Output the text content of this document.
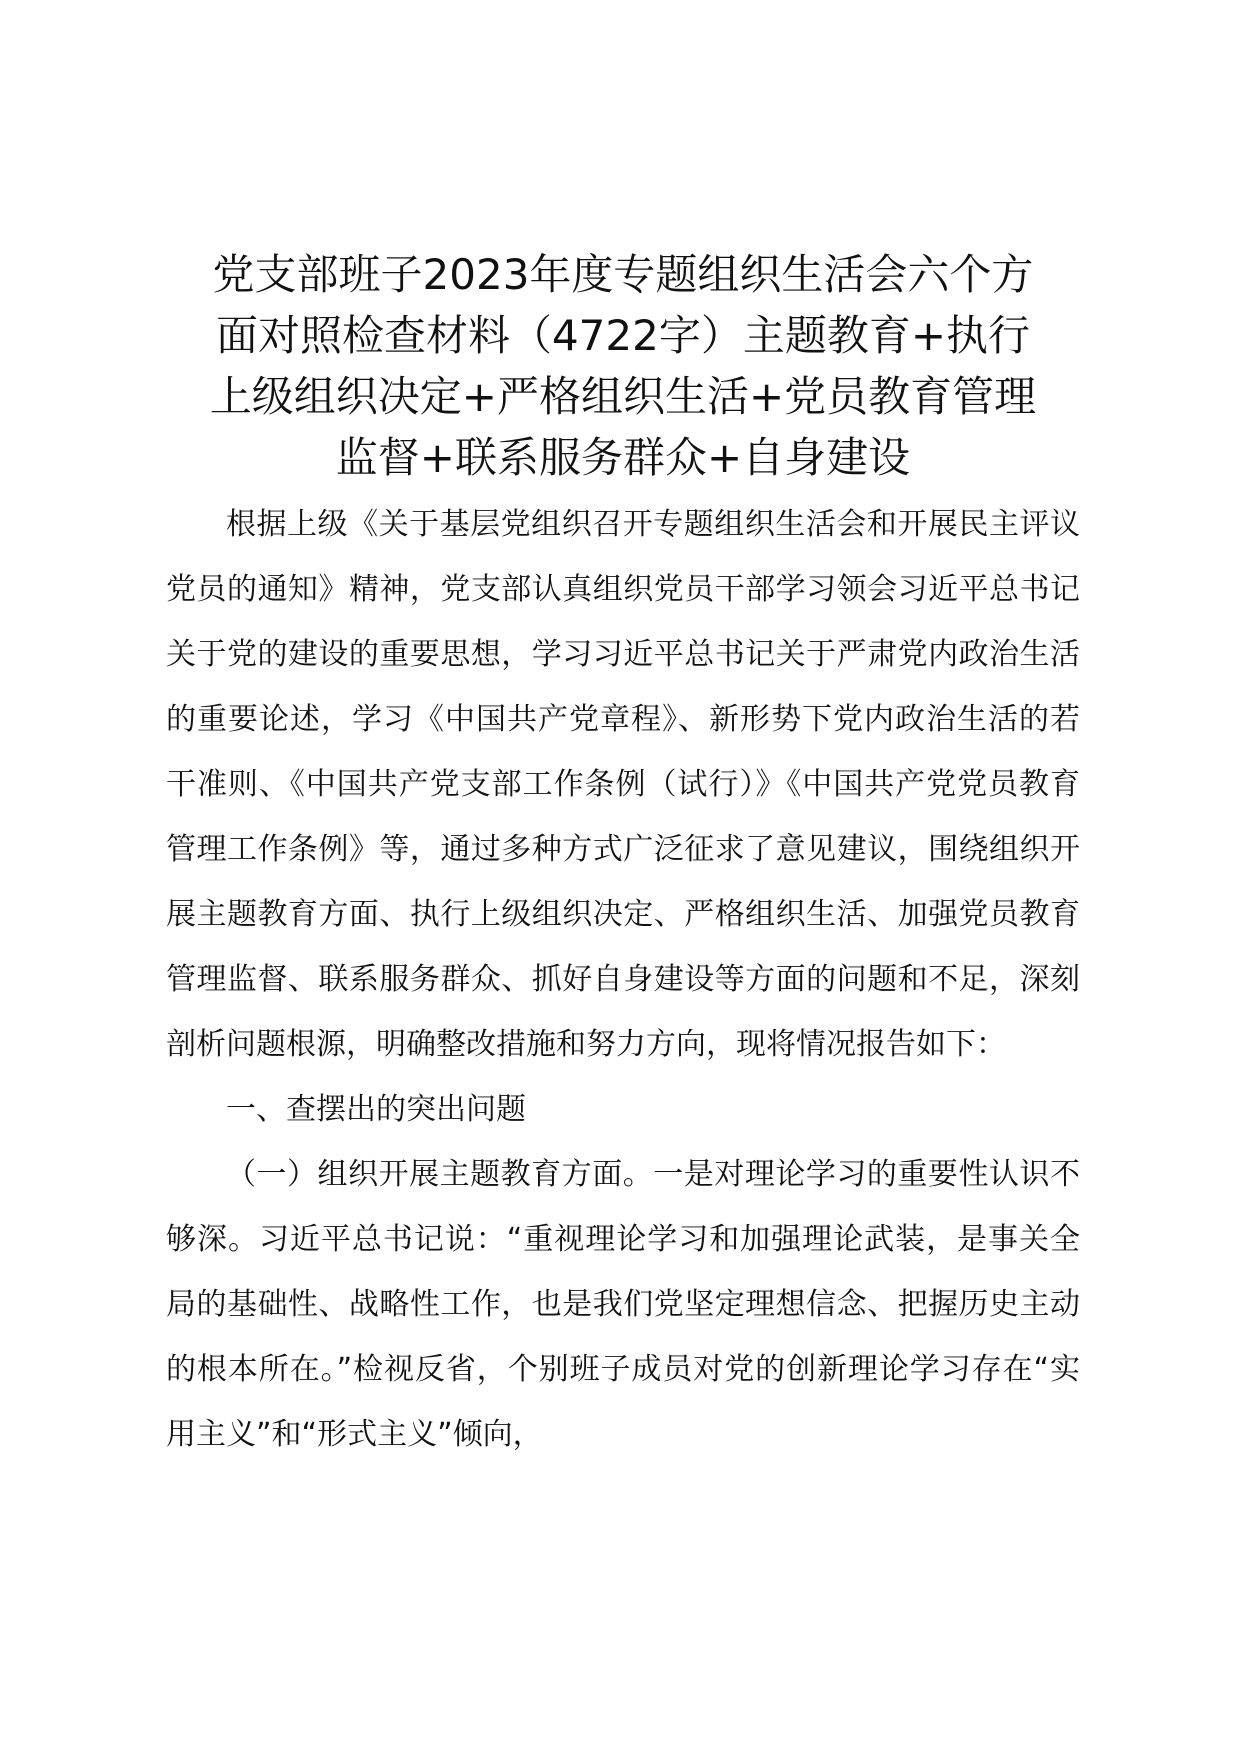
党支部班子2023年度专题组织生活会六个方
面对照检查材料（4722字）主题教育+执行
上级组织决定+严格组织生活+党员教育管理
监督+联系服务群众+自身建设

根据上级《关于基层党组织召开专题组织生活会和开展民主评议党员的通知》精神，党支部认真组织党员干部学习领会习近平总书记关于党的建设的重要思想，学习习近平总书记关于严肃党内政治生活的重要论述，学习《中国共产党章程》、新形势下党内政治生活的若干准则、《中国共产党支部工作条例（试行）》《中国共产党党员教育管理工作条例》等，通过多种方式广泛征求了意见建议，围绕组织开展主题教育方面、执行上级组织决定、严格组织生活、加强党员教育管理监督、联系服务群众、抓好自身建设等方面的问题和不足，深刻剖析问题根源，明确整改措施和努力方向，现将情况报告如下：

一、查摆出的突出问题

（一）组织开展主题教育方面。一是对理论学习的重要性认识不够深。习近平总书记说：“重视理论学习和加强理论武装，是事关全局的基础性、战略性工作，也是我们党坚定理想信念、把握历史主动的根本所在。”检视反省，个别班子成员对党的创新理论学习存在“实用主义”和“形式主义”倾向，
